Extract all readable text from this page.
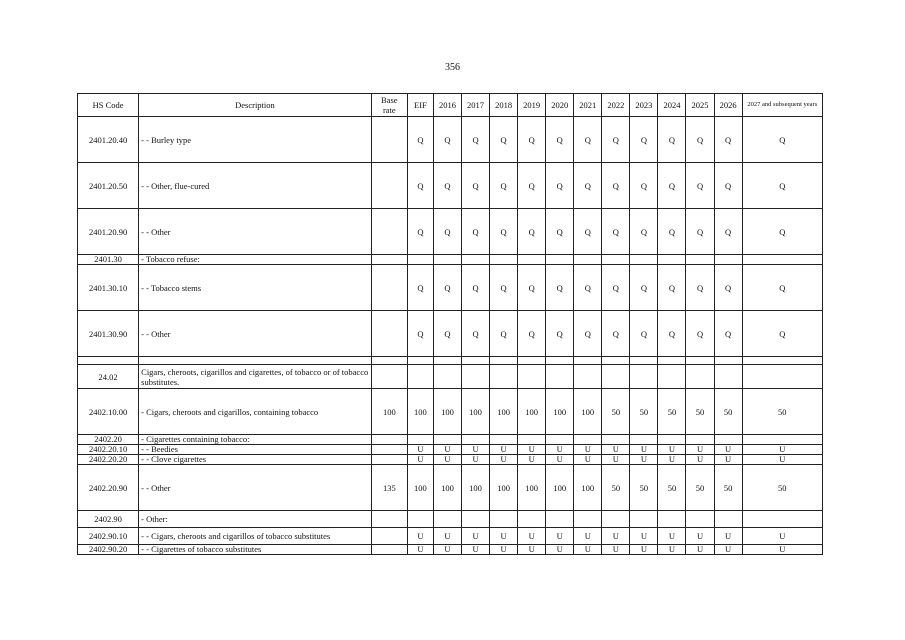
356
HS Code	Description	Base rate	EIF	2016	2017	2018	2019	2020	2021	2022	2023	2024	2025	2026	2027 and subsequent years
2401.20.40	- - Burley type		Q	Q	Q	Q	Q	Q	Q	Q	Q	Q	Q	Q	Q
2401.20.50	- - Other, flue-cured		Q	Q	Q	Q	Q	Q	Q	Q	Q	Q	Q	Q	Q
2401.20.90	- - Other		Q	Q	Q	Q	Q	Q	Q	Q	Q	Q	Q	Q	Q
2401.30	- Tobacco refuse:														
2401.30.10	- - Tobacco stems		Q	Q	Q	Q	Q	Q	Q	Q	Q	Q	Q	Q	Q
2401.30.90	- - Other		Q	Q	Q	Q	Q	Q	Q	Q	Q	Q	Q	Q	Q

24.02	Cigars, cheroots, cigarillos and cigarettes, of tobacco or of tobacco substitutes.														
2402.10.00	- Cigars, cheroots and cigarillos, containing tobacco	100	100	100	100	100	100	100	100	50	50	50	50	50	50
2402.20	- Cigarettes containing tobacco:														
2402.20.10	- - Beedies		U	U	U	U	U	U	U	U	U	U	U	U	U
2402.20.20	- - Clove cigarettes		U	U	U	U	U	U	U	U	U	U	U	U	U
2402.20.90	- - Other	135	100	100	100	100	100	100	100	50	50	50	50	50	50
2402.90	- Other:														
2402.90.10	- - Cigars, cheroots and cigarillos of tobacco substitutes		U	U	U	U	U	U	U	U	U	U	U	U	U
2402.90.20	- - Cigarettes of tobacco substitutes		U	U	U	U	U	U	U	U	U	U	U	U	U
